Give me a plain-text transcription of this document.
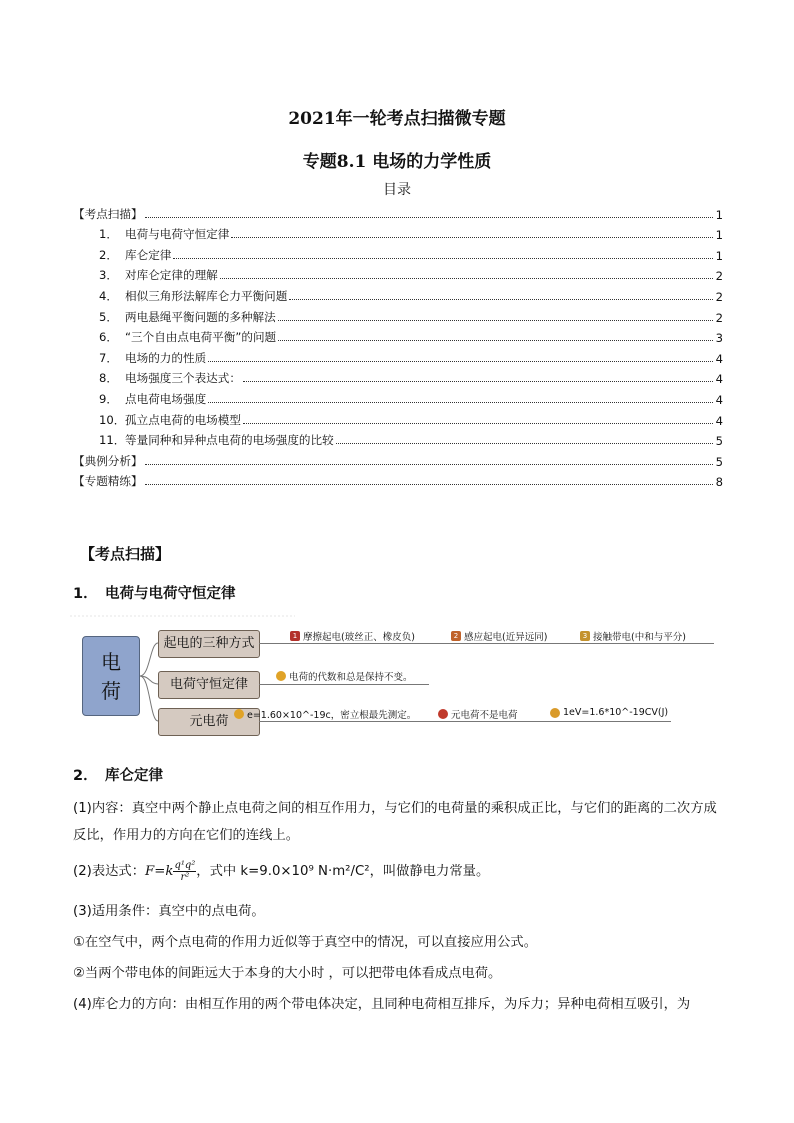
2021年一轮考点扫描微专题
专题8.1 电场的力学性质
目录
【考点扫描】	1
1． 电荷与电荷守恒定律	1
2． 库仑定律	1
3． 对库仑定律的理解	2
4． 相似三角形法解库仑力平衡问题	2
5． 两电悬绳平衡问题的多种解法	2
6． “三个自由点电荷平衡”的问题	3
7． 电场的力的性质	4
8． 电场强度三个表达式：	4
9． 点电荷电场强度	4
10． 孤立点电荷的电场模型	4
11． 等量同种和异种点电荷的电场强度的比较	5
【典例分析】	5
【专题精练】	8
【考点扫描】
1． 电荷与电荷守恒定律
电
荷
起电的三种方式	1 摩擦起电(玻丝正、橡皮负)	2 感应起电(近异远同)	3 接触带电(中和与平分)
电荷守恒定律	电荷的代数和总是保持不变。
元电荷	e=1.60×10^-19c，密立根最先测定。	元电荷不是电荷	1eV=1.6*10^-19CV(J)
2． 库仑定律
(1)内容：真空中两个静止点电荷之间的相互作用力，与它们的电荷量的乘积成正比，与它们的距离的二次方成反比，作用力的方向在它们的连线上。
(2)表达式：$F=k \frac{\text{q¹q²}}{\text{r²}}$ ，式中 k=9.0×10⁹ N·m²/C²，叫做静电力常量。
(3)适用条件：真空中的点电荷。
①在空气中，两个点电荷的作用力近似等于真空中的情况，可以直接应用公式。
②当两个带电体的间距远大于本身的大小时 ，可以把带电体看成点电荷。
(4)库仑力的方向：由相互作用的两个带电体决定，且同种电荷相互排斥，为斥力；异种电荷相互吸引，为
